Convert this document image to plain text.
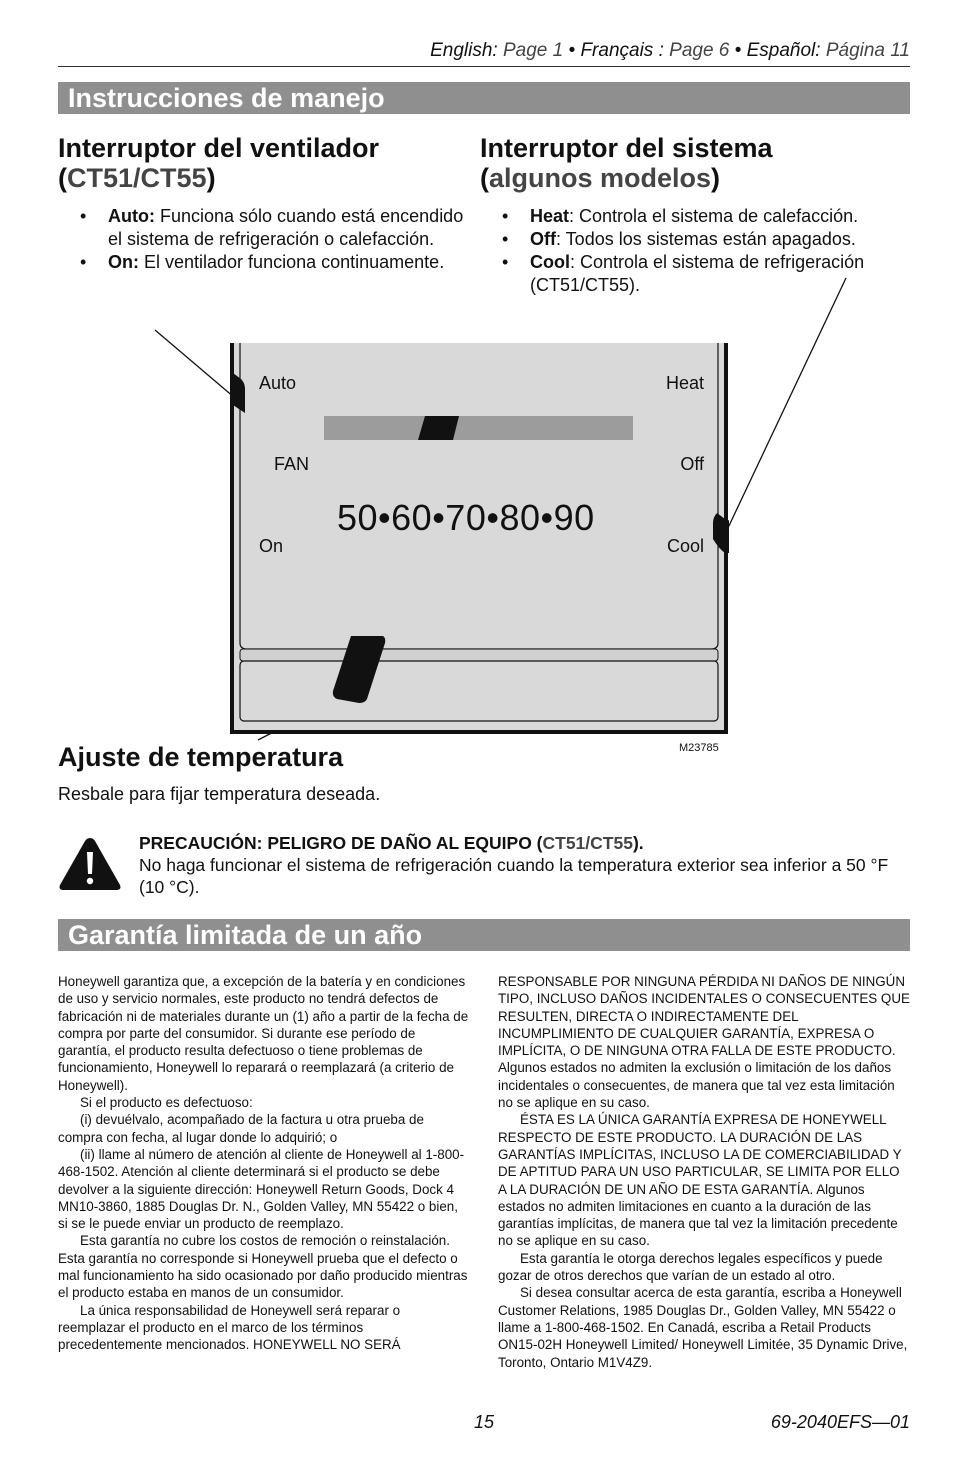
English: Page 1 • Français : Page 6 • Español: Página 11
Instrucciones de manejo
Interruptor del ventilador
(CT51/CT55)
• Auto: Funciona sólo cuando está encendido el sistema de refrigeración o calefacción.
• On: El ventilador funciona continuamente.
Interruptor del sistema
(algunos modelos)
• Heat: Controla el sistema de calefacción.
• Off: Todos los sistemas están apagados.
• Cool: Controla el sistema de refrigeración (CT51/CT55).
Auto
FAN
On
Heat
Off
Cool
50•60•70•80•90
M23785
Ajuste de temperatura
Resbale para fijar temperatura deseada.
PRECAUCIÓN: PELIGRO DE DAÑO AL EQUIPO (CT51/CT55).
No haga funcionar el sistema de refrigeración cuando la temperatura exterior sea inferior a 50 °F (10 °C).
Garantía limitada de un año

Honeywell garantiza que, a excepción de la batería y en condiciones de uso y servicio normales, este producto no tendrá defectos de fabricación ni de materiales durante un (1) año a partir de la fecha de compra por parte del consumidor. Si durante ese período de garantía, el producto resulta defectuoso o tiene problemas de funcionamiento, Honeywell lo reparará o reemplazará (a criterio de Honeywell).

Si el producto es defectuoso:

(i) devuélvalo, acompañado de la factura u otra prueba de compra con fecha, al lugar donde lo adquirió; o

(ii) llame al número de atención al cliente de Honeywell al 1-800-468-1502. Atención al cliente determinará si el producto se debe devolver a la siguiente dirección: Honeywell Return Goods, Dock 4 MN10-3860, 1885 Douglas Dr. N., Golden Valley, MN 55422 o bien, si se le puede enviar un producto de reemplazo.

Esta garantía no cubre los costos de remoción o reinstalación. Esta garantía no corresponde si Honeywell prueba que el defecto o mal funcionamiento ha sido ocasionado por daño producido mientras el producto estaba en manos de un consumidor.

La única responsabilidad de Honeywell será reparar o reemplazar el producto en el marco de los términos precedentemente mencionados. HONEYWELL NO SERÁ

RESPONSABLE POR NINGUNA PÉRDIDA NI DAÑOS DE NINGÚN TIPO, INCLUSO DAÑOS INCIDENTALES O CONSECUENTES QUE RESULTEN, DIRECTA O INDIRECTAMENTE DEL INCUMPLIMIENTO DE CUALQUIER GARANTÍA, EXPRESA O IMPLÍCITA, O DE NINGUNA OTRA FALLA DE ESTE PRODUCTO. Algunos estados no admiten la exclusión o limitación de los daños incidentales o consecuentes, de manera que tal vez esta limitación no se aplique en su caso.

ÉSTA ES LA ÚNICA GARANTÍA EXPRESA DE HONEYWELL RESPECTO DE ESTE PRODUCTO. LA DURACIÓN DE LAS GARANTÍAS IMPLÍCITAS, INCLUSO LA DE COMERCIABILIDAD Y DE APTITUD PARA UN USO PARTICULAR, SE LIMITA POR ELLO A LA DURACIÓN DE UN AÑO DE ESTA GARANTÍA. Algunos estados no admiten limitaciones en cuanto a la duración de las garantías implícitas, de manera que tal vez la limitación precedente no se aplique en su caso.

Esta garantía le otorga derechos legales específicos y puede gozar de otros derechos que varían de un estado al otro.

Si desea consultar acerca de esta garantía, escriba a Honeywell Customer Relations, 1985 Douglas Dr., Golden Valley, MN 55422 o llame a 1-800-468-1502. En Canadá, escriba a Retail Products ON15-02H Honeywell Limited/ Honeywell Limitée, 35 Dynamic Drive, Toronto, Ontario M1V4Z9.

15	69-2040EFS—01
